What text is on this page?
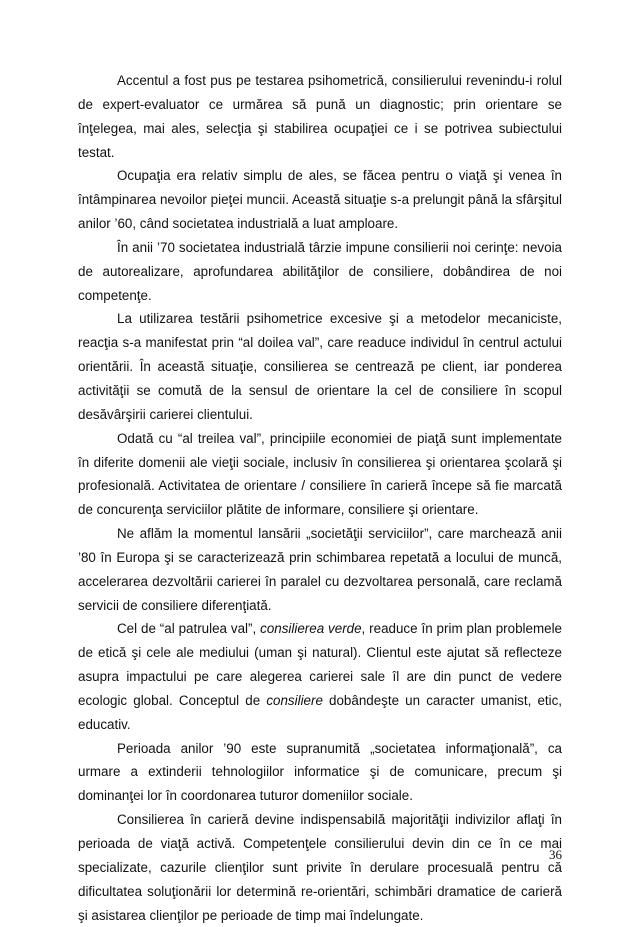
Accentul a fost pus pe testarea psihometrică, consilierului revenindu-i rolul de expert-evaluator ce urmărea să pună un diagnostic; prin orientare se înţelegea, mai ales, selecţia şi stabilirea ocupaţiei ce i se potrivea subiectului testat.

Ocupaţia era relativ simplu de ales, se făcea pentru o viaţă şi venea în întâmpinarea nevoilor pieţei muncii. Această situaţie s-a prelungit până la sfârşitul anilor ’60, când societatea industrială a luat amploare.

În anii ’70 societatea industrială târzie impune consilierii noi cerinţe: nevoia de autorealizare, aprofundarea abilităţilor de consiliere, dobândirea de noi competenţe.

La utilizarea testării psihometrice excesive şi a metodelor mecaniciste, reacţia s-a manifestat prin “al doilea val”, care readuce individul în centrul actului orientării. În această situaţie, consilierea se centrează pe client, iar ponderea activităţii se comută de la sensul de orientare la cel de consiliere în scopul desăvârşirii carierei clientului.

Odată cu “al treilea val”, principiile economiei de piaţă sunt implementate în diferite domenii ale vieţii sociale, inclusiv în consilierea şi orientarea şcolară şi profesională. Activitatea de orientare / consiliere în carieră începe să fie marcată de concurenţa serviciilor plătite de informare, consiliere şi orientare.

Ne aflăm la momentul lansării „societăţii serviciilor”, care marchează anii ’80 în Europa şi se caracterizează prin schimbarea repetată a locului de muncă, accelerarea dezvoltării carierei în paralel cu dezvoltarea personală, care reclamă servicii de consiliere diferenţiată.

Cel de “al patrulea val”, consilierea verde, readuce în prim plan problemele de etică şi cele ale mediului (uman şi natural). Clientul este ajutat să reflecteze asupra impactului pe care alegerea carierei sale îl are din punct de vedere ecologic global. Conceptul de consiliere dobândeşte un caracter umanist, etic, educativ.

Perioada anilor ’90 este supranumită „societatea informaţională”, ca urmare a extinderii tehnologiilor informatice şi de comunicare, precum şi dominanţei lor în coordonarea tuturor domeniilor sociale.

Consilierea în carieră devine indispensabilă majorităţii indivizilor aflaţi în perioada de viaţă activă. Competenţele consilierului devin din ce în ce mai specializate, cazurile clienţilor sunt privite în derulare procesuală pentru că dificultatea soluţionării lor determină re-orientări, schimbări dramatice de carieră şi asistarea clienţilor pe perioade de timp mai îndelungate.

36
